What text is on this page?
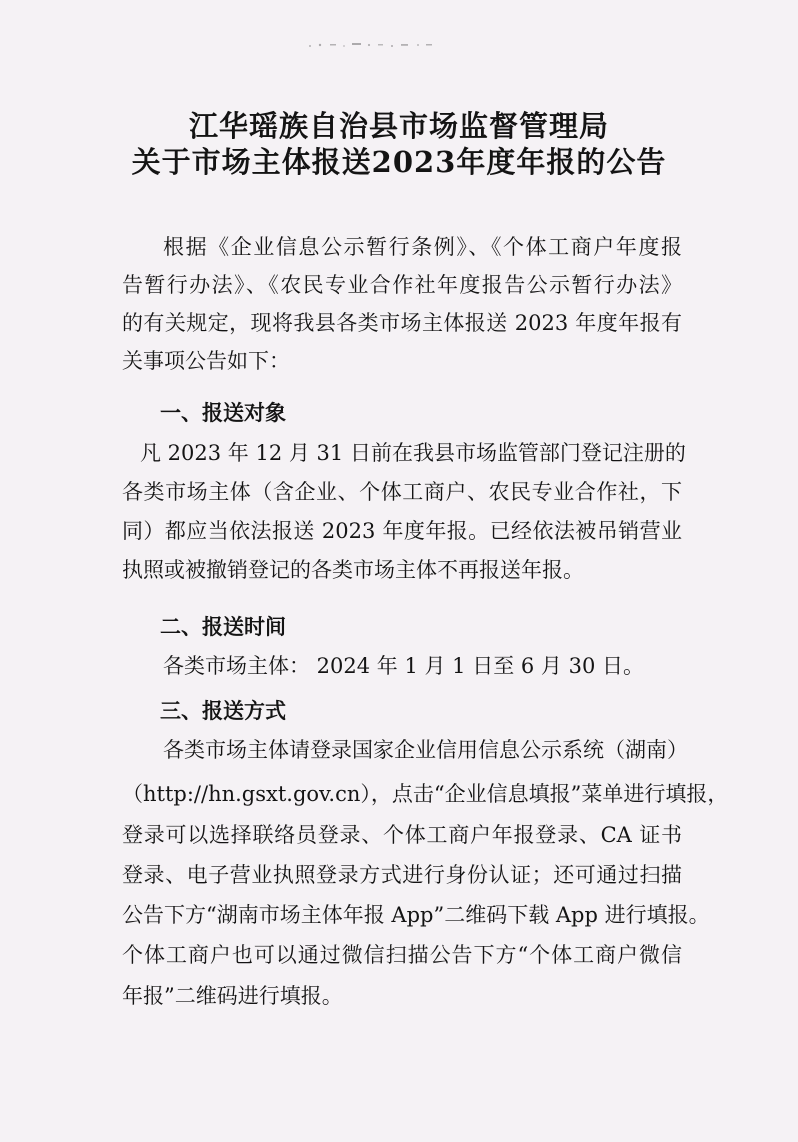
江华瑶族自治县市场监督管理局
关于市场主体报送2023年度年报的公告
根据《企业信息公示暂行条例》、《个体工商户年度报
告暂行办法》、《农民专业合作社年度报告公示暂行办法》
的有关规定，现将我县各类市场主体报送 2023 年度年报有
关事项公告如下：
一、报送对象
凡 2023 年 12 月 31 日前在我县市场监管部门登记注册的
各类市场主体（含企业、个体工商户、农民专业合作社，下
同）都应当依法报送 2023 年度年报。已经依法被吊销营业
执照或被撤销登记的各类市场主体不再报送年报。
二、报送时间
各类市场主体： 2024 年 1 月 1 日至 6 月 30 日。
三、报送方式
各类市场主体请登录国家企业信用信息公示系统（湖南）
（http://hn.gsxt.gov.cn），点击“企业信息填报”菜单进行填报，
登录可以选择联络员登录、个体工商户年报登录、CA 证书
登录、电子营业执照登录方式进行身份认证；还可通过扫描
公告下方“湖南市场主体年报 App”二维码下载 App 进行填报。
个体工商户也可以通过微信扫描公告下方“个体工商户微信
年报”二维码进行填报。
